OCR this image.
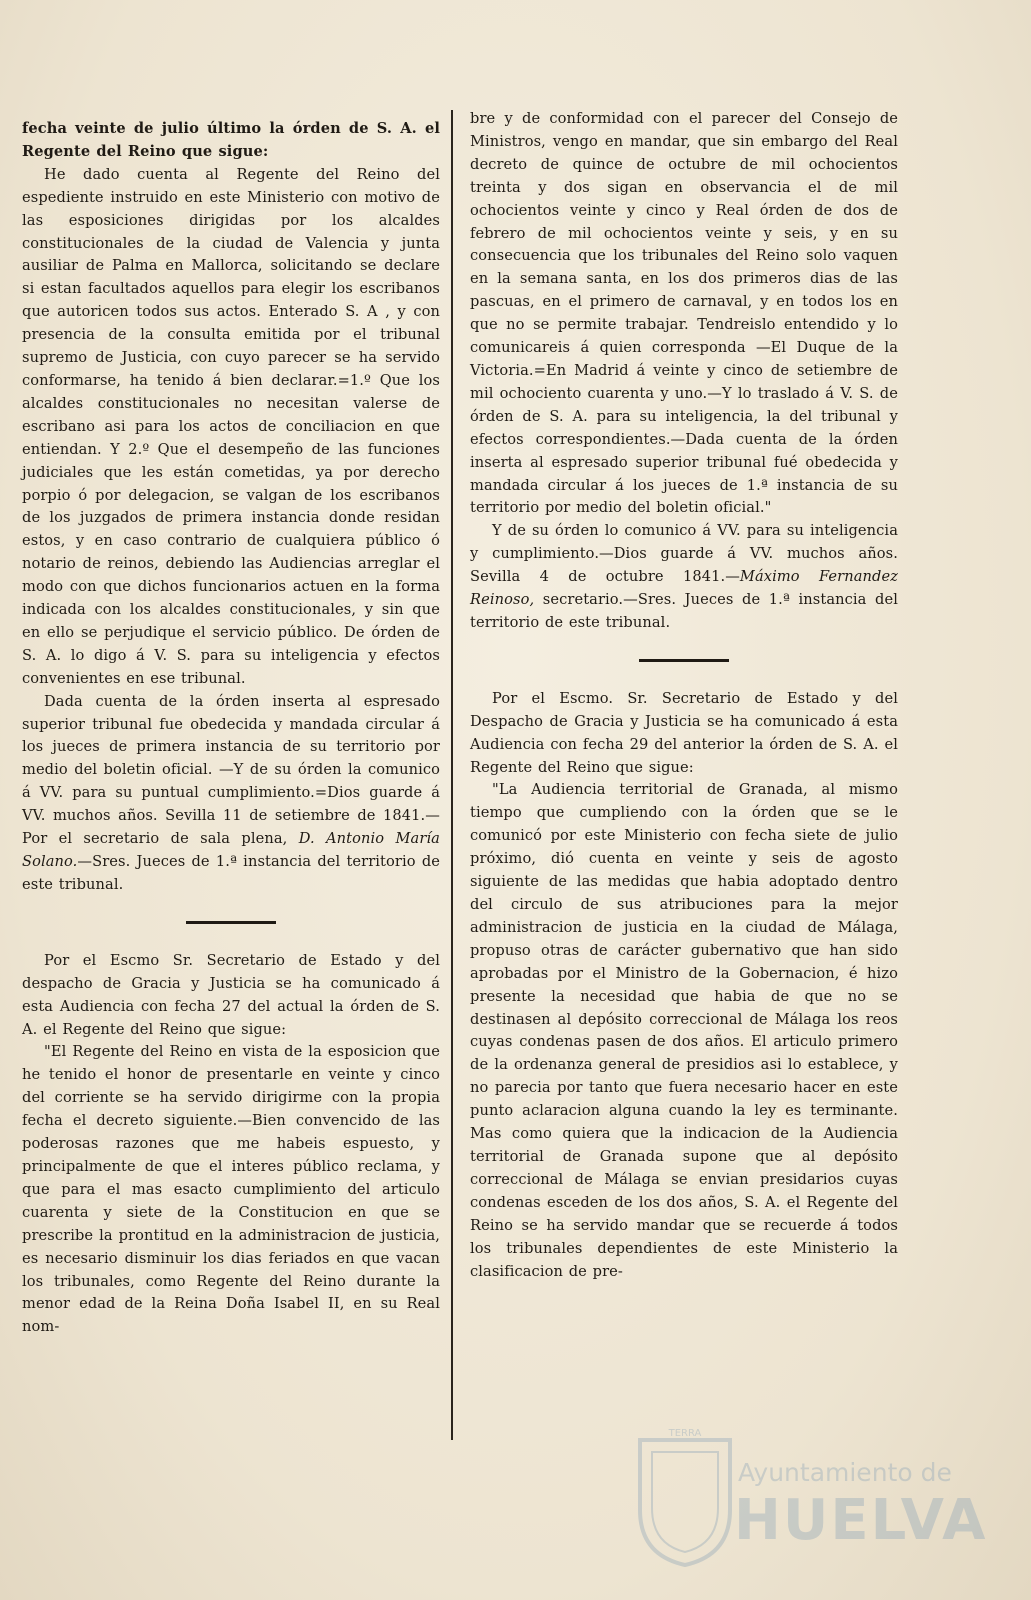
fecha veinte de julio último la órden de S. A. el Regente del Reino que sigue:

He dado cuenta al Regente del Reino del espediente instruido en este Ministerio con motivo de las esposiciones dirigidas por los alcaldes constitucionales de la ciudad de Valencia y junta ausiliar de Palma en Mallorca, solicitando se declare si estan facultados aquellos para elegir los escribanos que autoricen todos sus actos. Enterado S. A , y con presencia de la consulta emitida por el tribunal supremo de Justicia, con cuyo parecer se ha servido conformarse, ha tenido á bien declarar.=1.º Que los alcaldes constitucionales no necesitan valerse de escribano asi para los actos de conciliacion en que entiendan. Y 2.º Que el desempeño de las funciones judiciales que les están cometidas, ya por derecho porpio ó por delegacion, se valgan de los escribanos de los juzgados de primera instancia donde residan estos, y en caso contrario de cualquiera público ó notario de reinos, debiendo las Audiencias arreglar el modo con que dichos funcionarios actuen en la forma indicada con los alcaldes constitucionales, y sin que en ello se perjudique el servicio público. De órden de S. A. lo digo á V. S. para su inteligencia y efectos convenientes en ese tribunal.

Dada cuenta de la órden inserta al espresado superior tribunal fue obedecida y mandada circular á los jueces de primera instancia de su territorio por medio del boletin oficial. —Y de su órden la comunico á VV. para su puntual cumplimiento.=Dios guarde á VV. muchos años. Sevilla 11 de setiembre de 1841.—Por el secretario de sala plena, D. Antonio María Solano.—Sres. Jueces de 1.ª instancia del territorio de este tribunal.

Por el Escmo Sr. Secretario de Estado y del despacho de Gracia y Justicia se ha comunicado á esta Audiencia con fecha 27 del actual la órden de S. A. el Regente del Reino que sigue:

"El Regente del Reino en vista de la esposicion que he tenido el honor de presentarle en veinte y cinco del corriente se ha servido dirigirme con la propia fecha el decreto siguiente.—Bien convencido de las poderosas razones que me habeis espuesto, y principalmente de que el interes público reclama, y que para el mas esacto cumplimiento del articulo cuarenta y siete de la Constitucion en que se prescribe la prontitud en la administracion de justicia, es necesario disminuir los dias feriados en que vacan los tribunales, como Regente del Reino durante la menor edad de la Reina Doña Isabel II, en su Real nom-

bre y de conformidad con el parecer del Consejo de Ministros, vengo en mandar, que sin embargo del Real decreto de quince de octubre de mil ochocientos treinta y dos sigan en observancia el de mil ochocientos veinte y cinco y Real órden de dos de febrero de mil ochocientos veinte y seis, y en su consecuencia que los tribunales del Reino solo vaquen en la semana santa, en los dos primeros dias de las pascuas, en el primero de carnaval, y en todos los en que no se permite trabajar. Tendreislo entendido y lo comunicareis á quien corresponda —El Duque de la Victoria.=En Madrid á veinte y cinco de setiembre de mil ochociento cuarenta y uno.—Y lo traslado á V. S. de órden de S. A. para su inteligencia, la del tribunal y efectos correspondientes.—Dada cuenta de la órden inserta al espresado superior tribunal fué obedecida y mandada circular á los jueces de 1.ª instancia de su territorio por medio del boletin oficial."

Y de su órden lo comunico á VV. para su inteligencia y cumplimiento.—Dios guarde á VV. muchos años. Sevilla 4 de octubre 1841.—Máximo Fernandez Reinoso, secretario.—Sres. Jueces de 1.ª instancia del territorio de este tribunal.

Por el Escmo. Sr. Secretario de Estado y del Despacho de Gracia y Justicia se ha comunicado á esta Audiencia con fecha 29 del anterior la órden de S. A. el Regente del Reino que sigue:

"La Audiencia territorial de Granada, al mismo tiempo que cumpliendo con la órden que se le comunicó por este Ministerio con fecha siete de julio próximo, dió cuenta en veinte y seis de agosto siguiente de las medidas que habia adoptado dentro del circulo de sus atribuciones para la mejor administracion de justicia en la ciudad de Málaga, propuso otras de carácter gubernativo que han sido aprobadas por el Ministro de la Gobernacion, é hizo presente la necesidad que habia de que no se destinasen al depósito correccional de Málaga los reos cuyas condenas pasen de dos años. El articulo primero de la ordenanza general de presidios asi lo establece, y no parecia por tanto que fuera necesario hacer en este punto aclaracion alguna cuando la ley es terminante. Mas como quiera que la indicacion de la Audiencia territorial de Granada supone que al depósito correccional de Málaga se envian presidarios cuyas condenas esceden de los dos años, S. A. el Regente del Reino se ha servido mandar que se recuerde á todos los tribunales dependientes de este Ministerio la clasificacion de pre-

TERRA
Ayuntamiento de
HUELVA
